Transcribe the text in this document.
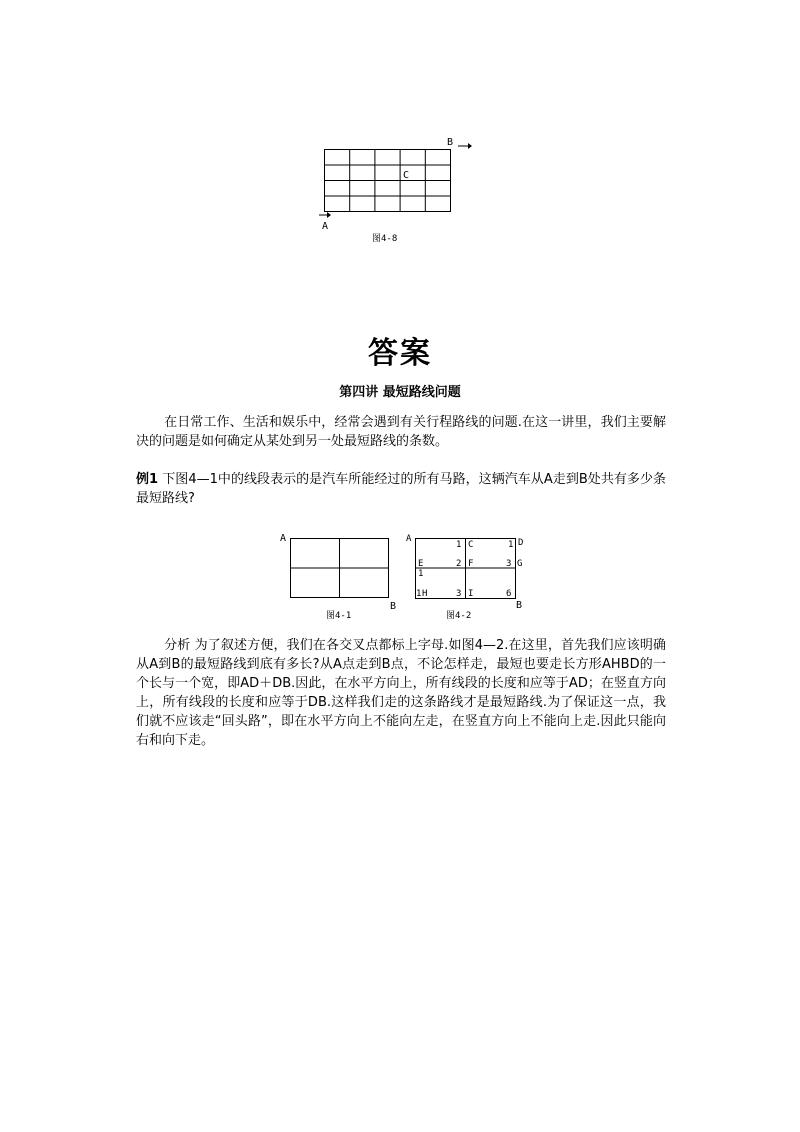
B
C
A
图4-8
答案
第四讲 最短路线问题
在日常工作、生活和娱乐中，经常会遇到有关行程路线的问题.在这一讲里，我们主要解决的问题是如何确定从某处到另一处最短路线的条数。
例1 下图4—1中的线段表示的是汽车所能经过的所有马路，这辆汽车从A走到B处共有多少条最短路线?
A
B
图4-1
A
1 C	1 D
E	2 F	3 G
1
1 H	3 I	6
B
图4-2
分析 为了叙述方便，我们在各交叉点都标上字母.如图4—2.在这里，首先我们应该明确从A到B的最短路线到底有多长?从A点走到B点，不论怎样走，最短也要走长方形AHBD的一个长与一个宽，即AD＋DB.因此，在水平方向上，所有线段的长度和应等于AD；在竖直方向上，所有线段的长度和应等于DB.这样我们走的这条路线才是最短路线.为了保证这一点，我们就不应该走“回头路”，即在水平方向上不能向左走，在竖直方向上不能向上走.因此只能向右和向下走。
